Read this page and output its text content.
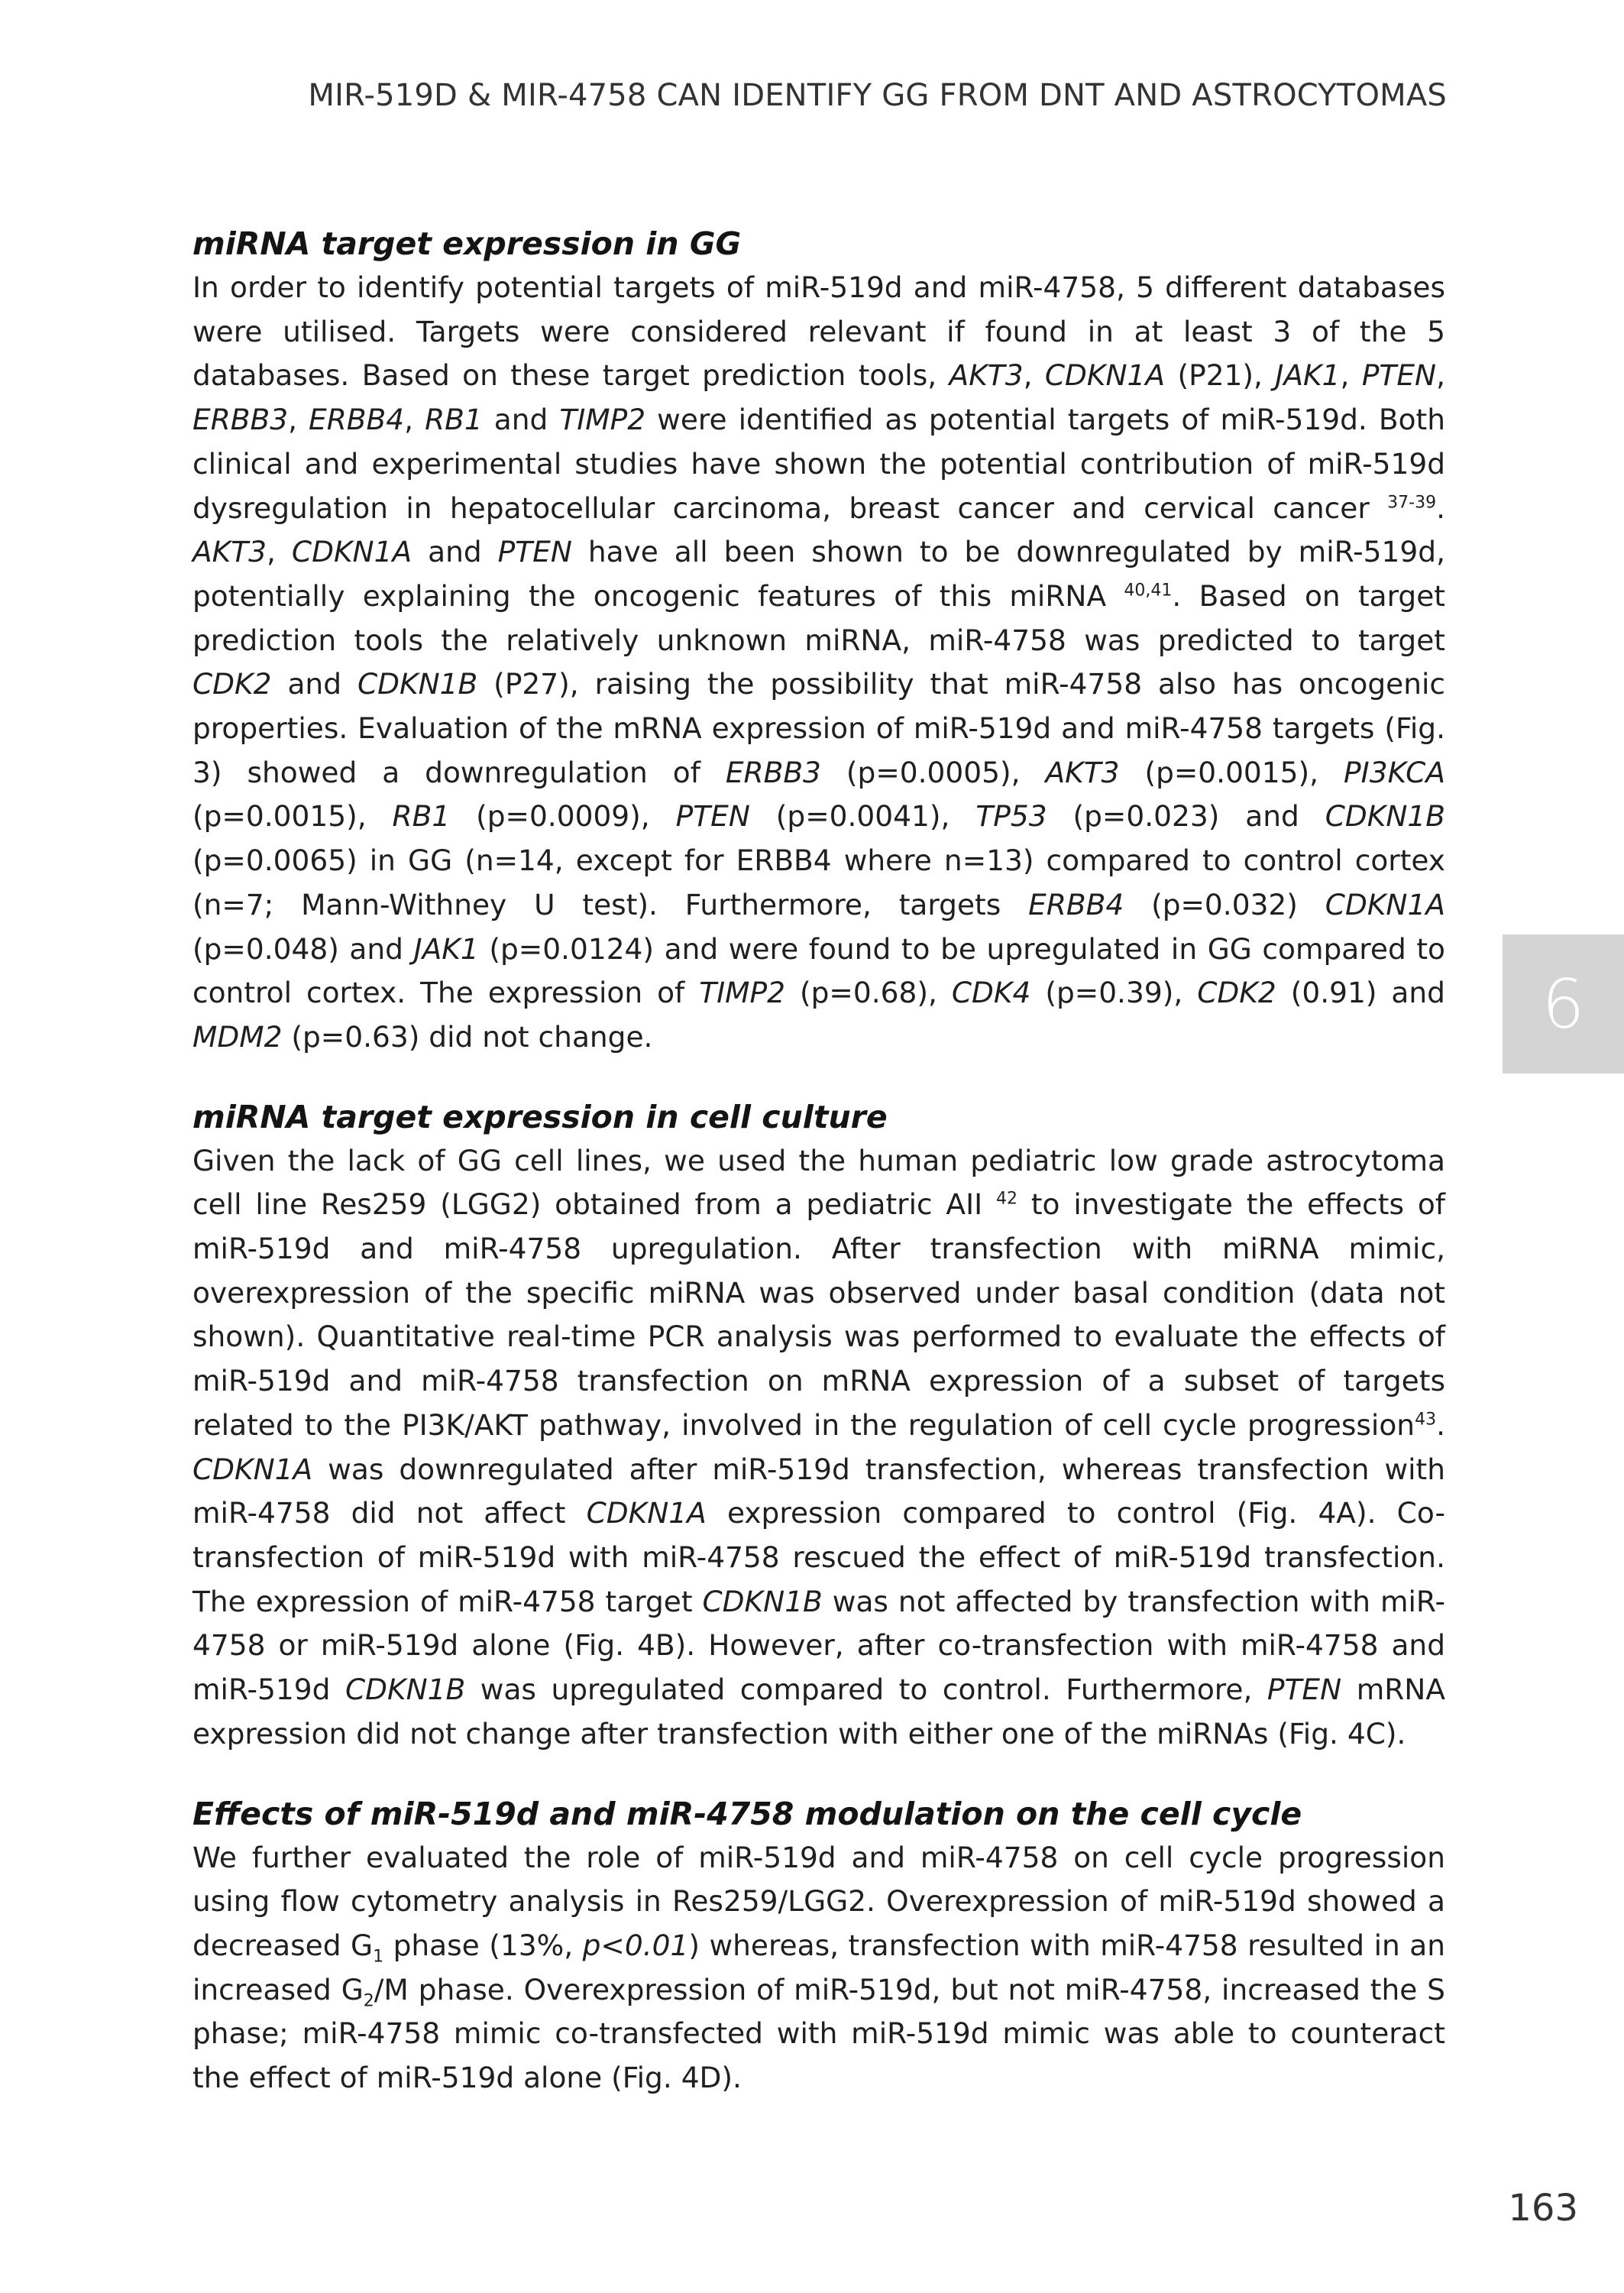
MIR-519D & MIR-4758 CAN IDENTIFY GG FROM DNT AND ASTROCYTOMAS
miRNA target expression in GG

In order to identify potential targets of miR-519d and miR-4758, 5 different databases were utilised. Targets were considered relevant if found in at least 3 of the 5 databases. Based on these target prediction tools, AKT3, CDKN1A (P21), JAK1, PTEN, ERBB3, ERBB4, RB1 and TIMP2 were identified as potential targets of miR-519d. Both clinical and experimental studies have shown the potential contribution of miR-519d dysregulation in hepatocellular carcinoma, breast cancer and cervical cancer $^{37-39}$. AKT3, CDKN1A and PTEN have all been shown to be downregulated by miR-519d, potentially explaining the oncogenic features of this miRNA $^{40,41}$. Based on target prediction tools the relatively unknown miRNA, miR-4758 was predicted to target CDK2 and CDKN1B (P27), raising the possibility that miR-4758 also has oncogenic properties. Evaluation of the mRNA expression of miR-519d and miR-4758 targets (Fig. 3) showed a downregulation of ERBB3 (p=0.0005), AKT3 (p=0.0015), PI3KCA (p=0.0015), RB1 (p=0.0009), PTEN (p=0.0041), TP53 (p=0.023) and CDKN1B (p=0.0065) in GG (n=14, except for ERBB4 where n=13) compared to control cortex (n=7; Mann-Withney U test). Furthermore, targets ERBB4 (p=0.032) CDKN1A (p=0.048) and JAK1 (p=0.0124) and were found to be upregulated in GG compared to control cortex. The expression of TIMP2 (p=0.68), CDK4 (p=0.39), CDK2 (0.91) and MDM2 (p=0.63) did not change.

miRNA target expression in cell culture

Given the lack of GG cell lines, we used the human pediatric low grade astrocytoma cell line Res259 (LGG2) obtained from a pediatric AII $^{42}$ to investigate the effects of miR-519d and miR-4758 upregulation. After transfection with miRNA mimic, overexpression of the specific miRNA was observed under basal condition (data not shown). Quantitative real-time PCR analysis was performed to evaluate the effects of miR-519d and miR-4758 transfection on mRNA expression of a subset of targets related to the PI3K/AKT pathway, involved in the regulation of cell cycle progression$^{43}$. CDKN1A was downregulated after miR-519d transfection, whereas transfection with miR-4758 did not affect CDKN1A expression compared to control (Fig. 4A). Co-transfection of miR-519d with miR-4758 rescued the effect of miR-519d transfection. The expression of miR-4758 target CDKN1B was not affected by transfection with miR-4758 or miR-519d alone (Fig. 4B). However, after co-transfection with miR-4758 and miR-519d CDKN1B was upregulated compared to control. Furthermore, PTEN mRNA expression did not change after transfection with either one of the miRNAs (Fig. 4C).

Effects of miR-519d and miR-4758 modulation on the cell cycle

We further evaluated the role of miR-519d and miR-4758 on cell cycle progression using flow cytometry analysis in Res259/LGG2. Overexpression of miR-519d showed a decreased $G_1$ phase (13%, p<0.01) whereas, transfection with miR-4758 resulted in an increased $G_2/M$ phase. Overexpression of miR-519d, but not miR-4758, increased the S phase; miR-4758 mimic co-transfected with miR-519d mimic was able to counteract the effect of miR-519d alone (Fig. 4D).

6
163
